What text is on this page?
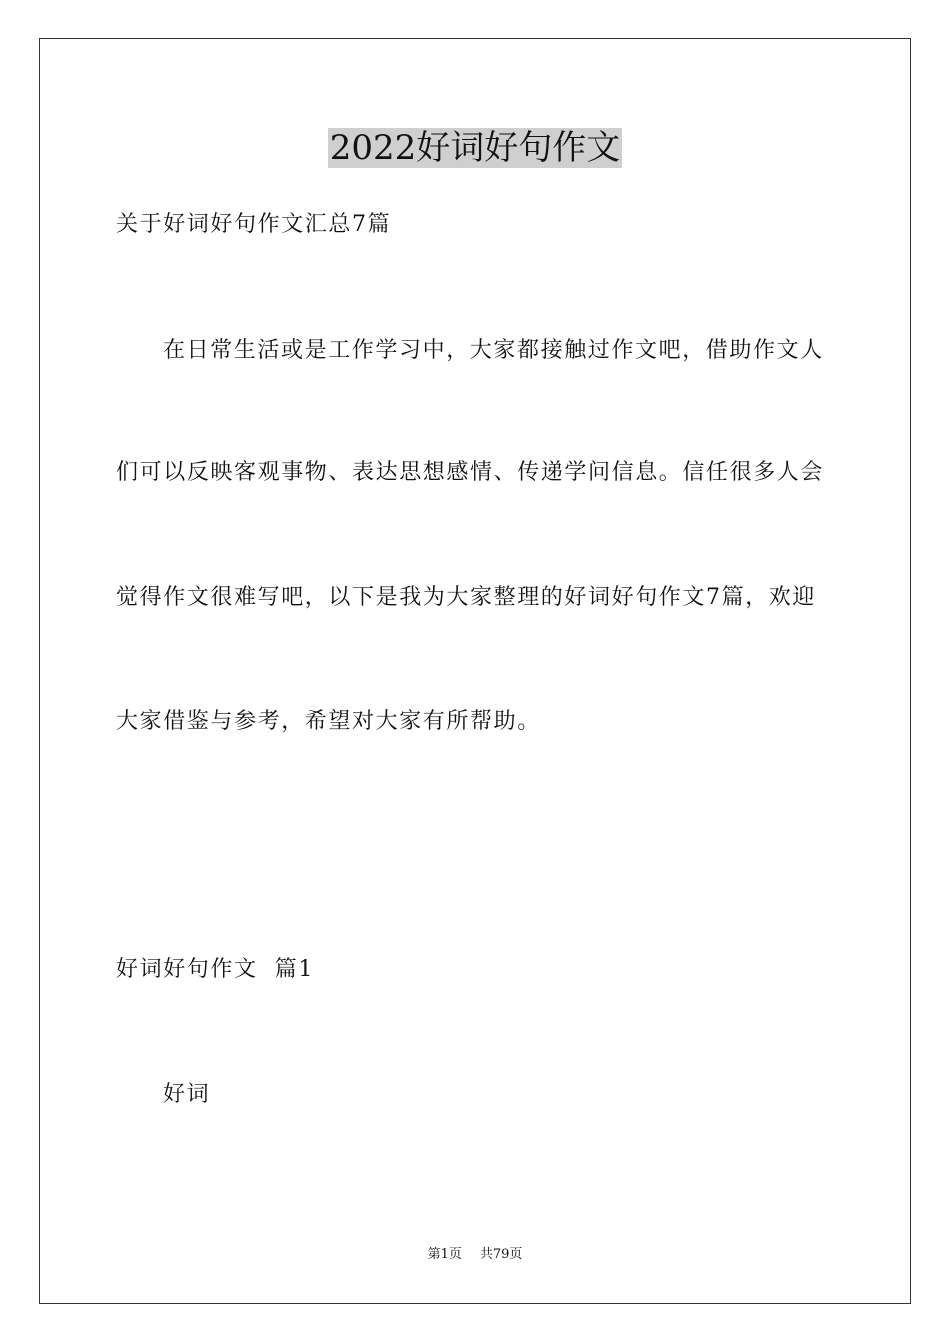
2022好词好句作文
关于好词好句作文汇总7篇
在日常生活或是工作学习中，大家都接触过作文吧，借助作文人
们可以反映客观事物、表达思想感情、传递学问信息。信任很多人会
觉得作文很难写吧，以下是我为大家整理的好词好句作文7篇，欢迎
大家借鉴与参考，希望对大家有所帮助。
好词好句作文  篇1
好词
第1页 共79页
